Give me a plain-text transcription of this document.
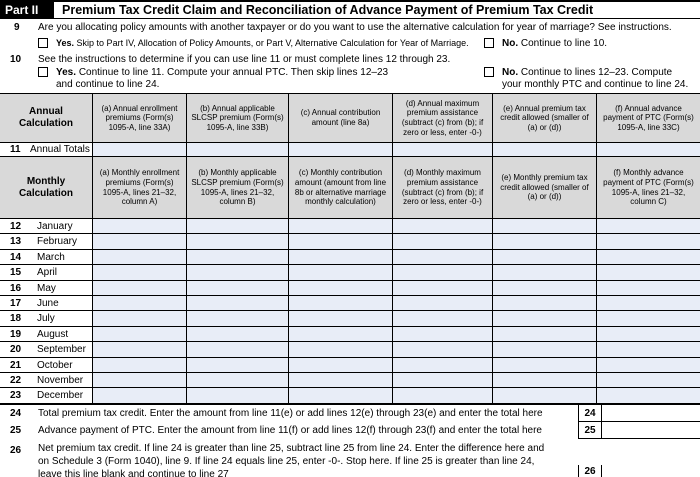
Part II	Premium Tax Credit Claim and Reconciliation of Advance Payment of Premium Tax Credit
9 Are you allocating policy amounts with another taxpayer or do you want to use the alternative calculation for year of marriage? See instructions.
Yes. Skip to Part IV, Allocation of Policy Amounts, or Part V, Alternative Calculation for Year of Marriage.	No. Continue to line 10.
10 See the instructions to determine if you can use line 11 or must complete lines 12 through 23.
Yes. Continue to line 11. Compute your annual PTC. Then skip lines 12–23
and continue to line 24.
No. Continue to lines 12–23. Compute
your monthly PTC and continue to line 24.
Annual Calculation
(a) Annual enrollment premiums (Form(s) 1095-A, line 33A)
(b) Annual applicable SLCSP premium (Form(s) 1095-A, line 33B)
(c) Annual contribution amount (line 8a)
(d) Annual maximum premium assistance (subtract (c) from (b); if zero or less, enter -0-)
(e) Annual premium tax credit allowed (smaller of (a) or (d))
(f) Annual advance payment of PTC (Form(s) 1095-A, line 33C)
11 Annual Totals
Monthly Calculation
(a) Monthly enrollment premiums (Form(s) 1095-A, lines 21–32, column A)
(b) Monthly applicable SLCSP premium (Form(s) 1095-A, lines 21–32, column B)
(c) Monthly contribution amount (amount from line 8b or alternative marriage monthly calculation)
(d) Monthly maximum premium assistance (subtract (c) from (b); if zero or less, enter -0-)
(e) Monthly premium tax credit allowed (smaller of (a) or (d))
(f) Monthly advance payment of PTC (Form(s) 1095-A, lines 21–32, column C)
12 January
13 February
14 March
15 April
16 May
17 June
18 July
19 August
20 September
21 October
22 November
23 December
24 Total premium tax credit. Enter the amount from line 11(e) or add lines 12(e) through 23(e) and enter the total here	24
25 Advance payment of PTC. Enter the amount from line 11(f) or add lines 12(f) through 23(f) and enter the total here	25
26 Net premium tax credit. If line 24 is greater than line 25, subtract line 25 from line 24. Enter the difference here and
on Schedule 3 (Form 1040), line 9. If line 24 equals line 25, enter -0-. Stop here. If line 25 is greater than line 24,
leave this line blank and continue to line 27	26
